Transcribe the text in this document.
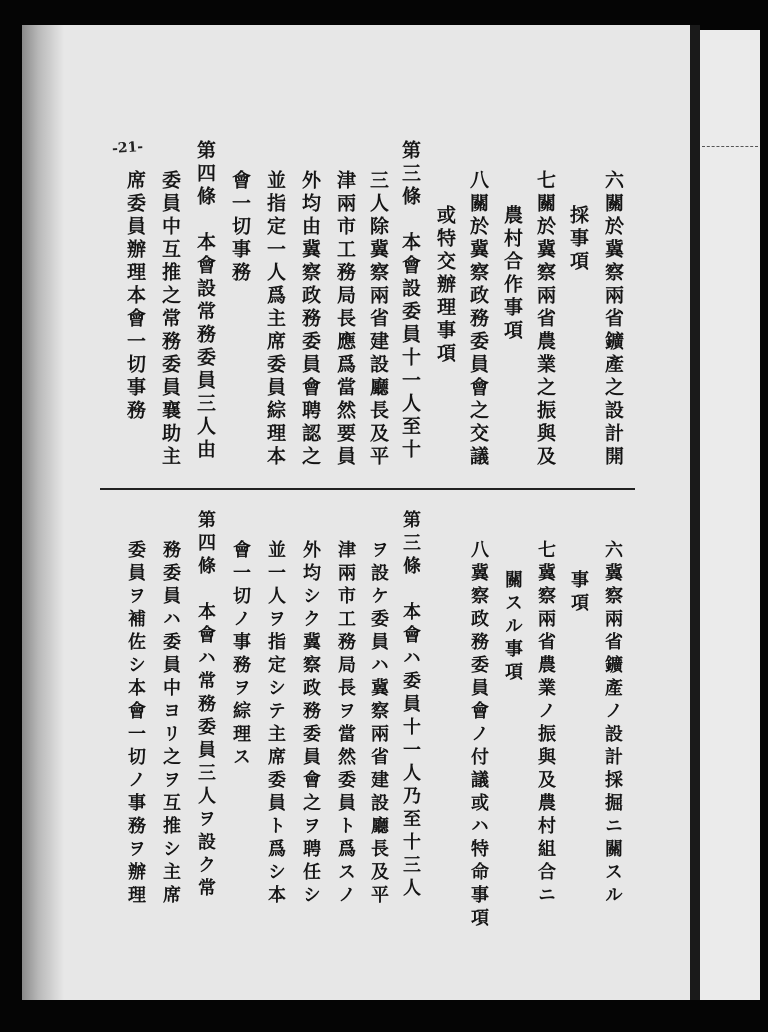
-21-
六關於冀察兩省鑛產之設計開
採事項
七關於冀察兩省農業之振與及
農村合作事項
八關於冀察政務委員會之交議
或特交辦理事項
第三條　本會設委員十一人至十
三人除冀察兩省建設廳長及平
津兩市工務局長應爲當然要員
外均由冀察政務委員會聘認之
並指定一人爲主席委員綜理本
會一切事務
第四條　本會設常務委員三人由
委員中互推之常務委員襄助主
席委員辦理本會一切事務
六冀察兩省鑛產ノ設計採掘ニ關スル
事項
七冀察兩省農業ノ振與及農村組合ニ
關スル事項
八冀察政務委員會ノ付議或ハ特命事項
第三條　本會ハ委員十一人乃至十三人
ヲ設ケ委員ハ冀察兩省建設廳長及平
津兩市工務局長ヲ當然委員ト爲スノ
外均シク冀察政務委員會之ヲ聘任シ
並一人ヲ指定シテ主席委員ト爲シ本
會一切ノ事務ヲ綜理ス
第四條　本會ハ常務委員三人ヲ設ク常
務委員ハ委員中ヨリ之ヲ互推シ主席
委員ヲ補佐シ本會一切ノ事務ヲ辦理
